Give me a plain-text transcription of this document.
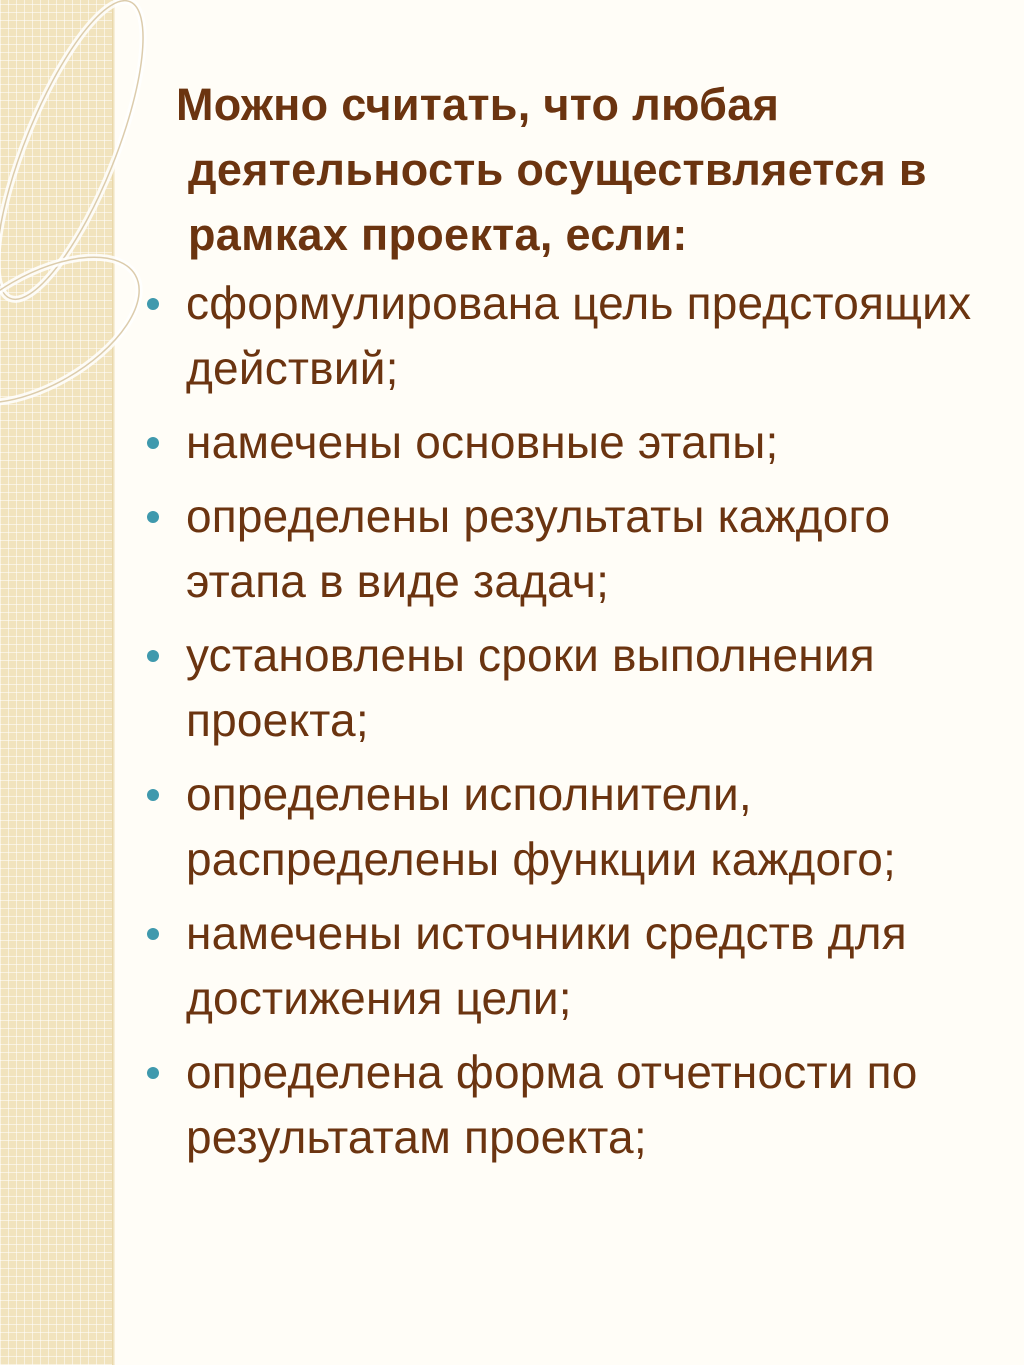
Можно считать, что любая деятельность осуществляется в рамках проекта, если:

сформулирована цель предстоящих действий;
намечены основные этапы;
определены результаты каждого этапа в виде задач;
установлены сроки выполнения проекта;
определены исполнители, распределены функции каждого;
намечены источники средств для достижения цели;
определена форма отчетности по результатам проекта;
